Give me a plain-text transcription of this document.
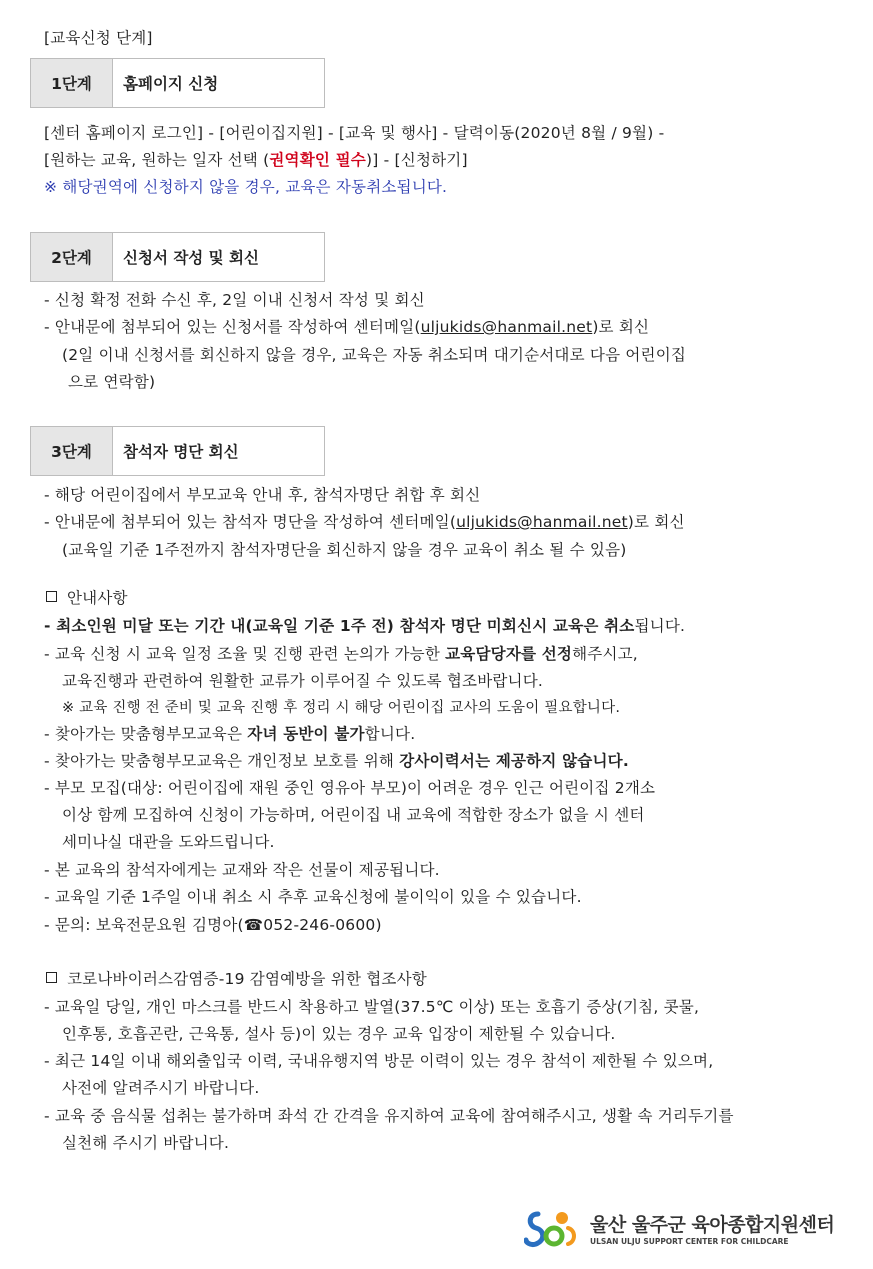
[교육신청 단계]
1단계	홈페이지 신청
[센터 홈페이지 로그인] - [어린이집지원] - [교육 및 행사] - 달력이동(2020년 8월 / 9월) -
[원하는 교육, 원하는 일자 선택 (권역확인 필수)] - [신청하기]
※ 해당권역에 신청하지 않을 경우, 교육은 자동취소됩니다.
2단계	신청서 작성 및 회신
- 신청 확정 전화 수신 후, 2일 이내 신청서 작성 및 회신
- 안내문에 첨부되어 있는 신청서를 작성하여 센터메일(uljukids@hanmail.net)로 회신
(2일 이내 신청서를 회신하지 않을 경우, 교육은 자동 취소되며 대기순서대로 다음 어린이집
으로 연락함)
3단계	참석자 명단 회신
- 해당 어린이집에서 부모교육 안내 후, 참석자명단 취합 후 회신
- 안내문에 첨부되어 있는 참석자 명단을 작성하여 센터메일(uljukids@hanmail.net)로 회신
(교육일 기준 1주전까지 참석자명단을 회신하지 않을 경우 교육이 취소 될 수 있음)
안내사항
- 최소인원 미달 또는 기간 내(교육일 기준 1주 전) 참석자 명단 미회신시 교육은 취소됩니다.
- 교육 신청 시 교육 일정 조율 및 진행 관련 논의가 가능한 교육담당자를 선정해주시고,
교육진행과 관련하여 원활한 교류가 이루어질 수 있도록 협조바랍니다.
※ 교육 진행 전 준비 및 교육 진행 후 정리 시 해당 어린이집 교사의 도움이 필요합니다.
- 찾아가는 맞춤형부모교육은 자녀 동반이 불가합니다.
- 찾아가는 맞춤형부모교육은 개인정보 보호를 위해 강사이력서는 제공하지 않습니다.
- 부모 모집(대상: 어린이집에 재원 중인 영유아 부모)이 어려운 경우 인근 어린이집 2개소
이상 함께 모집하여 신청이 가능하며, 어린이집 내 교육에 적합한 장소가 없을 시 센터
세미나실 대관을 도와드립니다.
- 본 교육의 참석자에게는 교재와 작은 선물이 제공됩니다.
- 교육일 기준 1주일 이내 취소 시 추후 교육신청에 불이익이 있을 수 있습니다.
- 문의: 보육전문요원 김명아(☎052-246-0600)
코로나바이러스감염증-19 감염예방을 위한 협조사항
- 교육일 당일, 개인 마스크를 반드시 착용하고 발열(37.5℃ 이상) 또는 호흡기 증상(기침, 콧물,
인후통, 호흡곤란, 근육통, 설사 등)이 있는 경우 교육 입장이 제한될 수 있습니다.
- 최근 14일 이내 해외출입국 이력, 국내유행지역 방문 이력이 있는 경우 참석이 제한될 수 있으며,
사전에 알려주시기 바랍니다.
- 교육 중 음식물 섭취는 불가하며 좌석 간 간격을 유지하여 교육에 참여해주시고, 생활 속 거리두기를
실천해 주시기 바랍니다.
울산 울주군 육아종합지원센터
ULSAN ULJU SUPPORT CENTER FOR CHILDCARE
